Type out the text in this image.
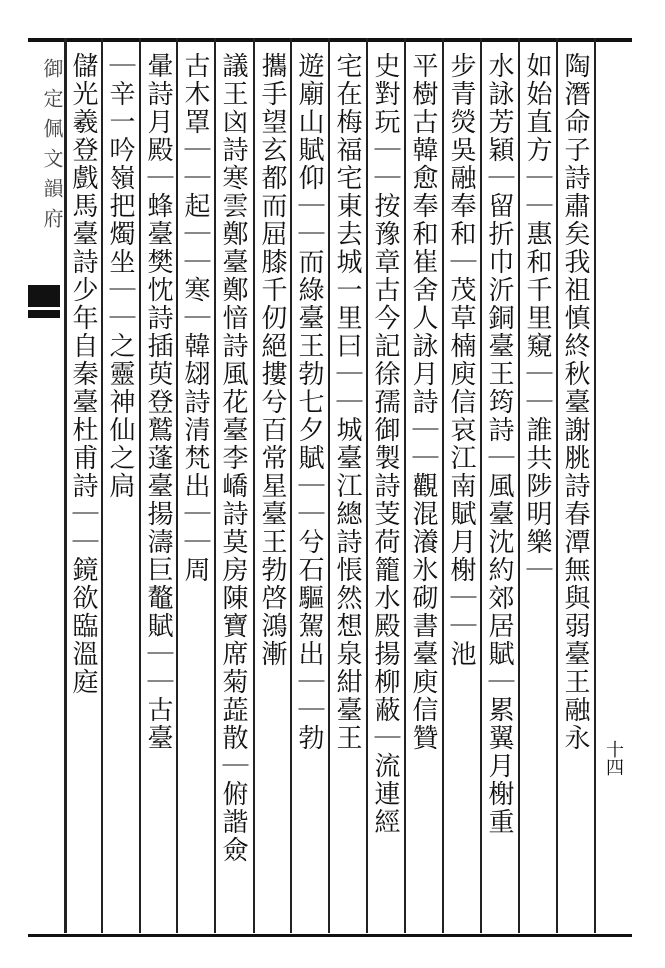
御定佩文韻府	陶潛命子詩肅矣我祖慎終秋臺謝脁詩春潭無與弱臺王融永
如始直方｜｜惠和千里窺｜｜誰共陟明樂｜
水詠芳穎｜留折巾沂銅臺王筠詩｜風臺沈約郊居賦｜累翼月榭重
步青熒吳融奉和｜茂草楠庾信哀江南賦月榭｜｜池
平樹古韓愈奉和崔舍人詠月詩｜｜觀混瀁氷砌書臺庾信贊
史對玩｜｜按豫章古今記徐孺御製詩芰荷籠水殿揚柳蔽｜流連經
宅在梅福宅東去城一里曰｜｜城臺江總詩悵然想泉紺臺王
遊廟山賦仰｜｜而綠臺王勃七夕賦｜｜兮石驅駕出｜｜勃
攜手望玄都而屈膝千仞絕摟兮百常星臺王勃啓鴻漸
議王㓙詩寒雲鄭臺鄭愔詩風花臺李嶠詩莫房陳寶席菊蕋散｜俯諧僉
古木罩｜｜起｜｜寒｜韓翃詩清梵出｜｜周
暈詩月殿｜蜂臺樊忱詩插萸登鷲蓬臺揚濤巨鼇賦｜｜古臺
｜辛一吟嶺把燭坐｜｜之靈神仙之扃
儲光羲登戲馬臺詩少年自秦臺杜甫詩｜｜鏡欲臨溫庭
十四
